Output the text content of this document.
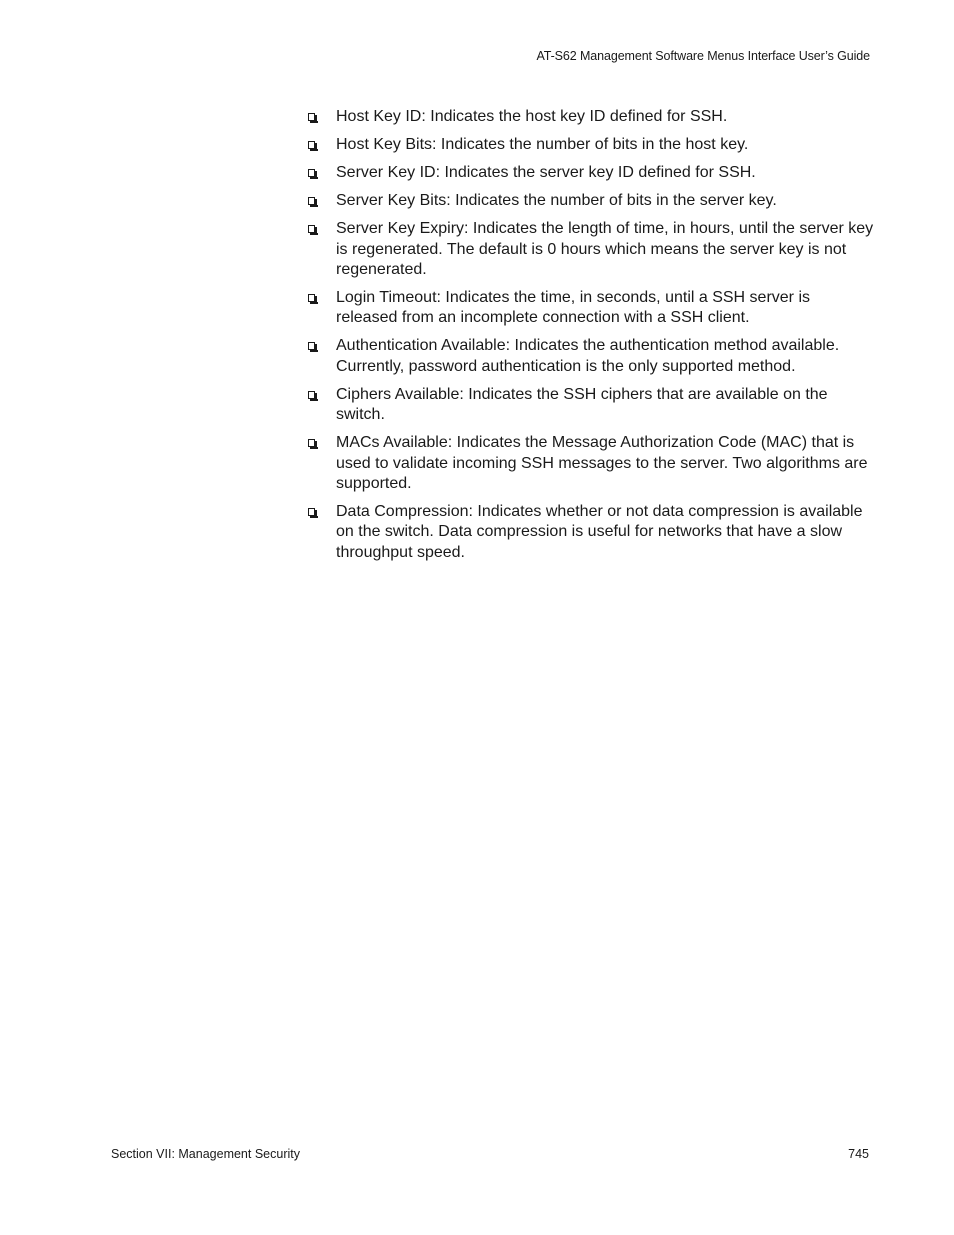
AT-S62 Management Software Menus Interface User’s Guide
Host Key ID: Indicates the host key ID defined for SSH.
Host Key Bits: Indicates the number of bits in the host key.
Server Key ID: Indicates the server key ID defined for SSH.
Server Key Bits: Indicates the number of bits in the server key.
Server Key Expiry: Indicates the length of time, in hours, until the server key is regenerated. The default is 0 hours which means the server key is not regenerated.
Login Timeout: Indicates the time, in seconds, until a SSH server is released from an incomplete connection with a SSH client.
Authentication Available: Indicates the authentication method available. Currently, password authentication is the only supported method.
Ciphers Available: Indicates the SSH ciphers that are available on the switch.
MACs Available: Indicates the Message Authorization Code (MAC) that is used to validate incoming SSH messages to the server. Two algorithms are supported.
Data Compression: Indicates whether or not data compression is available on the switch. Data compression is useful for networks that have a slow throughput speed.
Section VII: Management Security	745
